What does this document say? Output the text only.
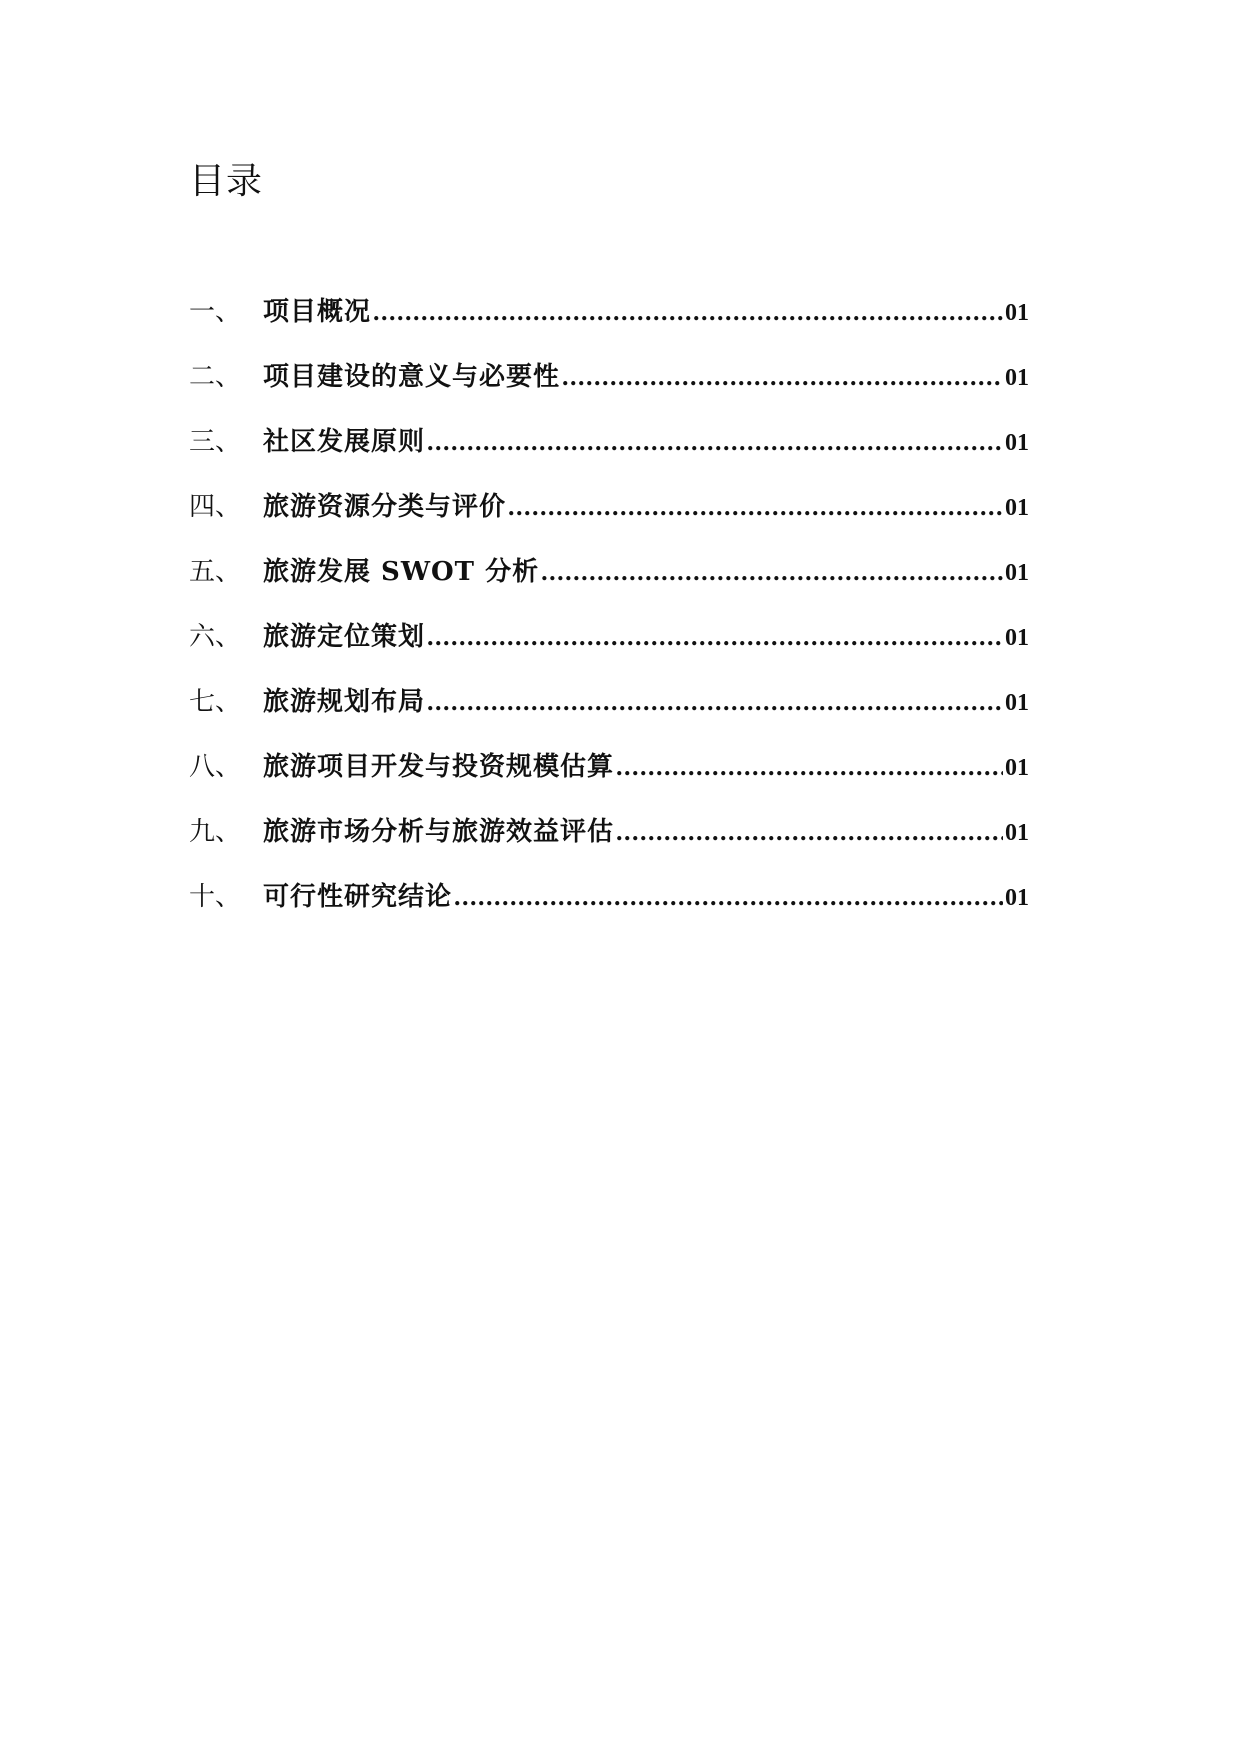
目录
一、 项目概况 .....	01
二、 项目建设的意义与必要性 .....	01
三、 社区发展原则 .....	01
四、 旅游资源分类与评价 .....	01
五、 旅游发展 SWOT 分析 .....	01
六、 旅游定位策划 .....	01
七、 旅游规划布局 .....	01
八、 旅游项目开发与投资规模估算 .....	01
九、 旅游市场分析与旅游效益评估 .....	01
十、 可行性研究结论 .....	01
